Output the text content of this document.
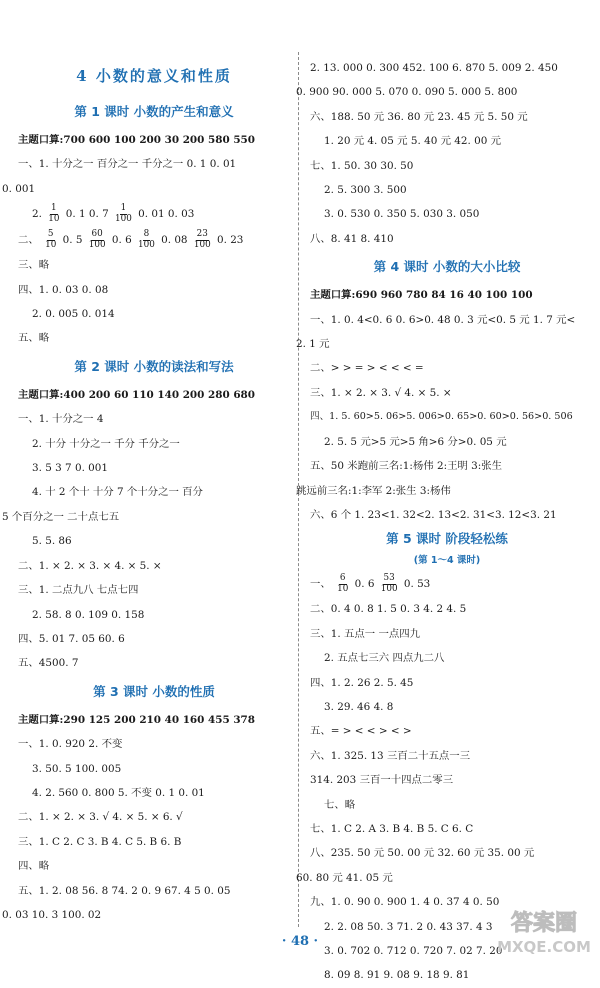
4 小数的意义和性质
第 1 课时 小数的产生和意义
主题口算:700 600 100 200 30 200 580 550
一、1. 十分之一 百分之一 千分之一 0. 1 0. 01
0. 001
2. $\frac{1}{10} 0$. 1 0. $7 \frac{1}{100} 0$. 01 0. 03
二、 $\frac{5}{10} 0$. $5 \frac{60}{100} 0$. $6 \frac{8}{100} 0$. $08 \frac{23}{100} 0$. 23
三、略
四、1. 0. 03 0. 08
2. 0. 005 0. 014
五、略
第 2 课时 小数的读法和写法
主题口算:400 200 60 110 140 200 280 680
一、1. 十分之一 4
2. 十分 十分之一 千分 千分之一
3. 5 3 7 0. 001
4. 十 2 个十 十分 7 个十分之一 百分
5 个百分之一 二十点七五
5. 5. 86
二、1. × 2. × 3. × 4. × 5. ×
三、1. 二点九八 七点七四
2. 58. 8 0. 109 0. 158
四、5. 01 7. 05 60. 6
五、4500. 7
第 3 课时 小数的性质
主题口算:290 125 200 210 40 160 455 378
一、1. 0. 920 2. 不变
3. 50. 5 100. 005
4. 2. 560 0. 800 5. 不变 0. 1 0. 01
二、1. × 2. × 3. √ 4. × 5. × 6. √
三、1. C 2. C 3. B 4. C 5. B 6. B
四、略
五、1. 2. 08 56. 8 74. 2 0. 9 67. 4 5 0. 05
0. 03 10. 3 100. 02
2. 13. 000 0. 300 452. 100 6. 870 5. 009 2. 450
0. 900 90. 000 5. 070 0. 090 5. 000 5. 800
六、188. 50 元 36. 80 元 23. 45 元 5. 50 元
1. 20 元 4. 05 元 5. 40 元 42. 00 元
七、1. 50. 30 30. 50
2. 5. 300 3. 500
3. 0. 530 0. 350 5. 030 3. 050
八、8. 41 8. 410
第 4 课时 小数的大小比较
主题口算:690 960 780 84 16 40 100 100
一、1. 0. 4<0. 6 0. 6>0. 48 0. 3 元<0. 5 元 1. 7 元<
2. 1 元
二、> > = > < < < =
三、1. × 2. × 3. √ 4. × 5. ×
四、1. 5. 60>5. 06>5. 006>0. 65>0. 60>0. 56>0. 506
2. 5. 5 元>5 元>5 角>6 分>0. 05 元
五、50 米跑前三名:1:杨伟 2:王明 3:张生
跳远前三名:1:李军 2:张生 3:杨伟
六、6 个 1. 23<1. 32<2. 13<2. 31<3. 12<3. 21
第 5 课时 阶段轻松练
(第 1～4 课时)
一、 $\frac{6}{10} 0$. $6 \frac{53}{100} 0$. 53
二、0. 4 0. 8 1. 5 0. 3 4. 2 4. 5
三、1. 五点一 一点四九
2. 五点七三六 四点九二八
四、1. 2. 26 2. 5. 45
3. 29. 46 4. 8
五、= > < < > < >
六、1. 325. 13 三百二十五点一三
314. 203 三百一十四点二零三
七、略
七、1. C 2. A 3. B 4. B 5. C 6. C
八、235. 50 元 50. 00 元 32. 60 元 35. 00 元
60. 80 元 41. 05 元
九、1. 0. 90 0. 900 1. 4 0. 37 4 0. 50
2. 2. 08 50. 3 71. 2 0. 43 37. 4 3
3. 0. 702 0. 712 0. 720 7. 02 7. 20
8. 09 8. 91 9. 08 9. 18 9. 81
· 48 ·
答案圈
MXQE.COM
